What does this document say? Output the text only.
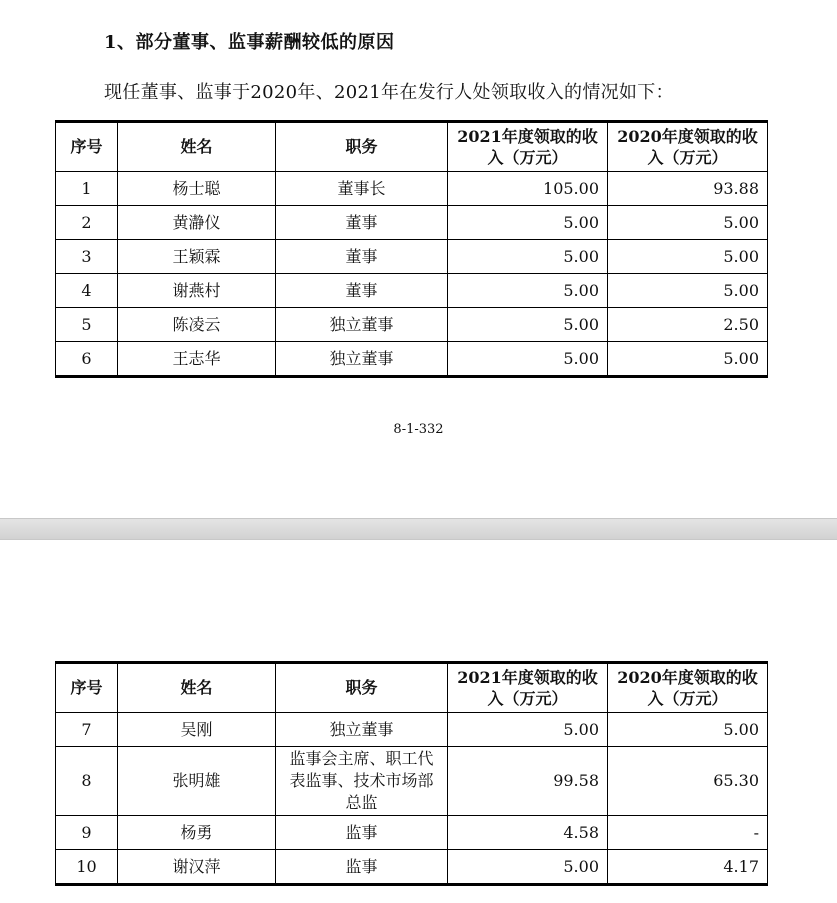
1、部分董事、监事薪酬较低的原因
现任董事、监事于2020年、2021年在发行人处领取收入的情况如下：
8-1-332
序号	姓名	职务	2021年度领取的收入（万元）	2020年度领取的收入（万元）
1	杨士聪	董事长	105.00	93.88
2	黄瀞仪	董事	5.00	5.00
3	王颖霖	董事	5.00	5.00
4	谢燕村	董事	5.00	5.00
5	陈凌云	独立董事	5.00	2.50
6	王志华	独立董事	5.00	5.00
序号	姓名	职务	2021年度领取的收入（万元）	2020年度领取的收入（万元）
7	吴刚	独立董事	5.00	5.00
8	张明雄	监事会主席、职工代表监事、技术市场部总监	99.58	65.30
9	杨勇	监事	4.58	-
10	谢汉萍	监事	5.00	4.17
